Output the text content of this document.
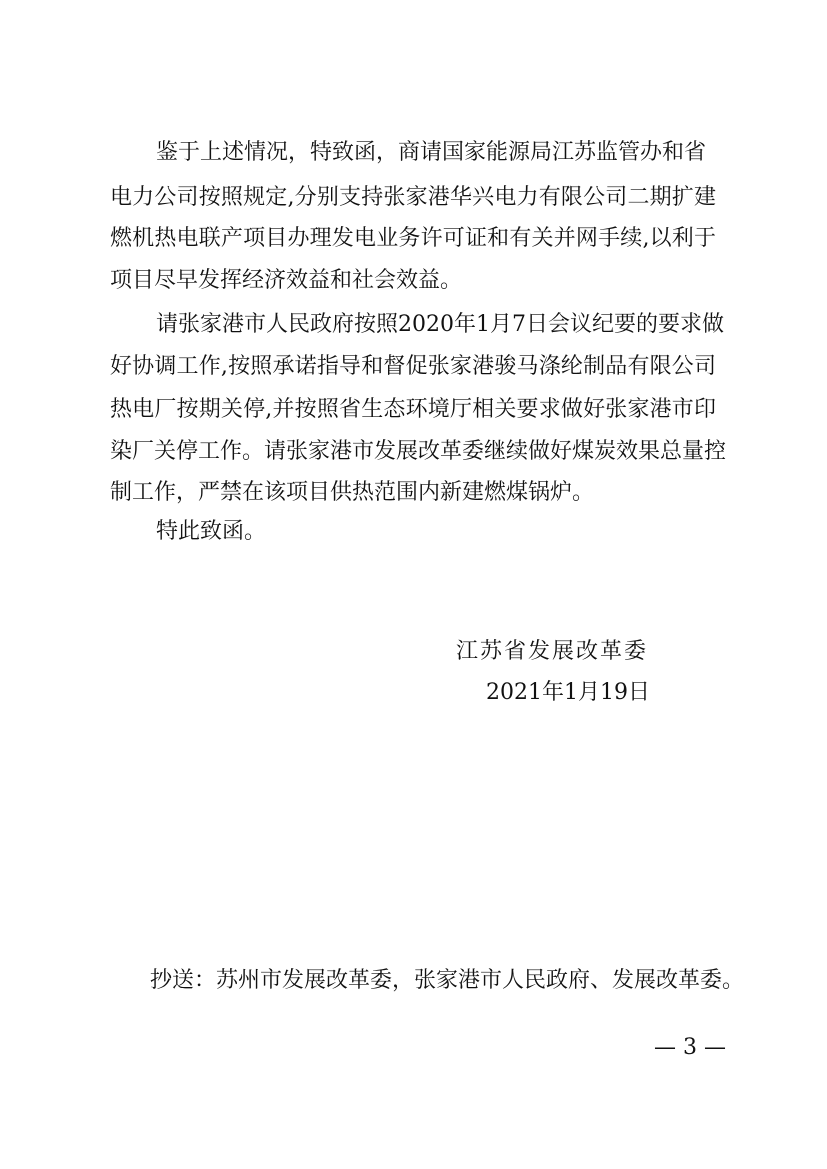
鉴于上述情况，特致函，商请国家能源局江苏监管办和省
电力公司按照规定,分别支持张家港华兴电力有限公司二期扩建
燃机热电联产项目办理发电业务许可证和有关并网手续,以利于
项目尽早发挥经济效益和社会效益。
请张家港市人民政府按照2020年1月7日会议纪要的要求做
好协调工作,按照承诺指导和督促张家港骏马涤纶制品有限公司
热电厂按期关停,并按照省生态环境厅相关要求做好张家港市印
染厂关停工作。请张家港市发展改革委继续做好煤炭效果总量控
制工作，严禁在该项目供热范围内新建燃煤锅炉。
特此致函。
江苏省发展改革委
2021年1月19日
抄送：苏州市发展改革委，张家港市人民政府、发展改革委。
— 3 —
